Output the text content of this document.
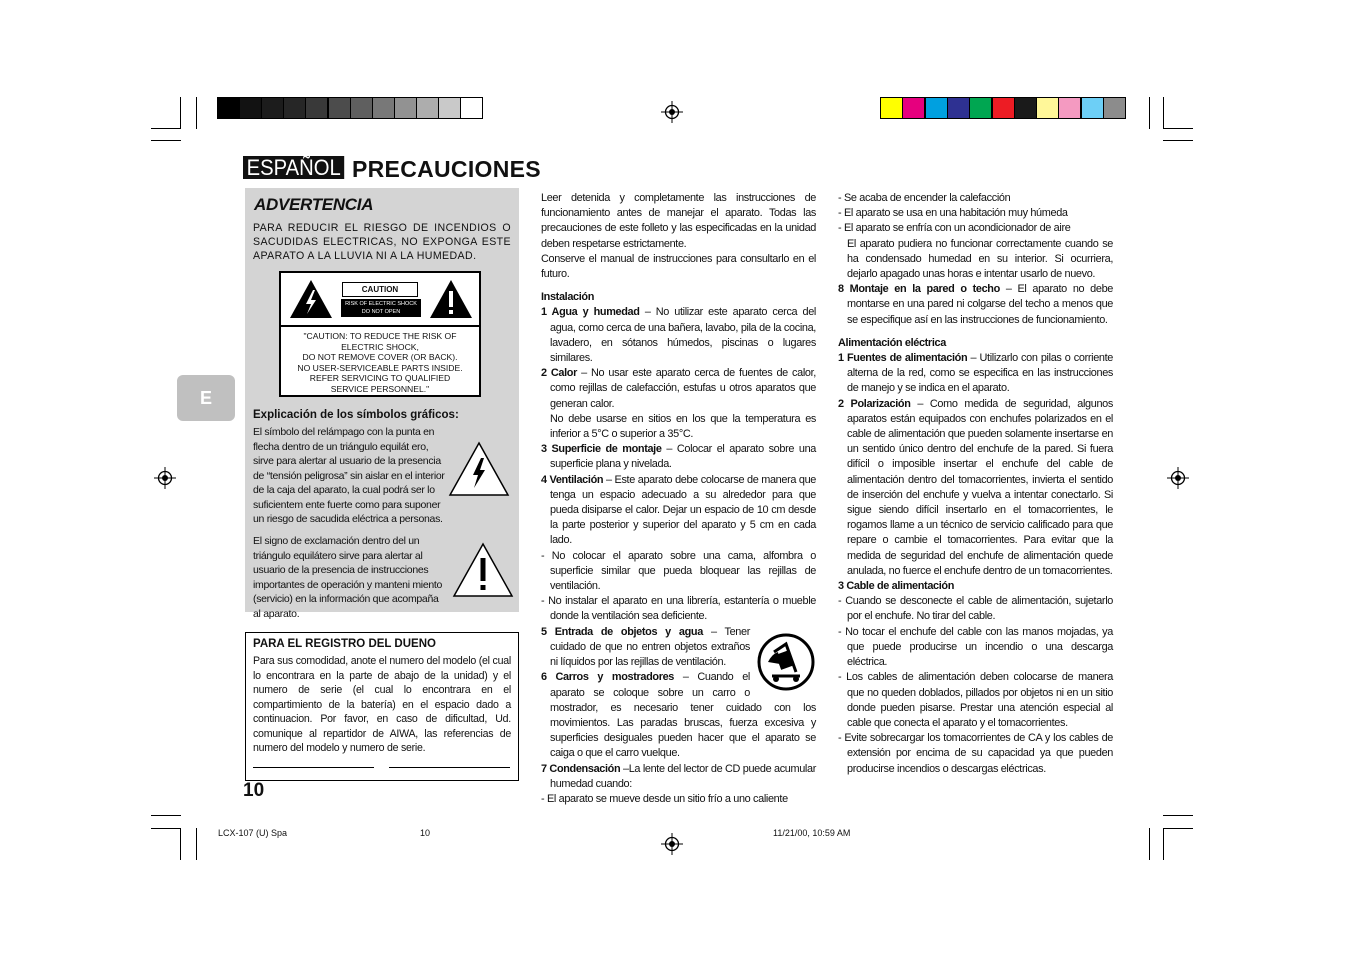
ESPAÑOL PRECAUCIONES
E
ADVERTENCIA
PARA REDUCIR EL RIESGO DE INCENDIOS O SACUDIDAS ELECTRICAS, NO EXPONGA ESTE APARATO A LA LLUVIA NI A LA HUMEDAD.
CAUTION
RISK OF ELECTRIC SHOCK
DO NOT OPEN
"CAUTION: TO REDUCE THE RISK OF
ELECTRIC SHOCK,
DO NOT REMOVE COVER (OR BACK).
NO USER-SERVICEABLE PARTS INSIDE.
REFER SERVICING TO QUALIFIED
SERVICE PERSONNEL."
Explicación de los símbolos gráficos:
El símbolo del relámpago con la punta en flecha dentro de un triángulo equilát ero, sirve para alertar al usuario de la presencia de “tensión peligrosa” sin aislar en el interior de la caja del aparato, la cual podrá ser lo suficientem ente fuerte como para suponer un riesgo de sacudida eléctrica a personas.
El signo de exclamación dentro del un triángulo equilátero sirve para alertar al usuario de la presencia de instrucciones importantes de operación y manteni miento (servicio) en la información que acompaña al aparato.
PARA EL REGISTRO DEL DUENO
Para sus comodidad, anote el numero del modelo (el cual lo encontrara en la parte de abajo de la unidad) y el numero de serie (el cual lo encontrara en el compartimiento de la batería) en el espacio dado a continuacion. Por favor, en caso de dificultad, Ud. comunique al repartidor de AIWA, las referencias de numero del modelo y numero de serie.
10

Leer detenida y completamente las instrucciones de funcionamiento antes de manejar el aparato. Todas las precauciones de este folleto y las especificadas en la unidad deben respetarse estrictamente.

Conserve el manual de instrucciones para consultarlo en el futuro.

Instalación

1 Agua y humedad – No utilizar este aparato cerca del agua, como cerca de una bañera, lavabo, pila de la cocina, lavadero, en sótanos húmedos, piscinas o lugares similares.

2 Calor – No usar este aparato cerca de fuentes de calor, como rejillas de calefacción, estufas u otros aparatos que generan calor.

No debe usarse en sitios en los que la temperatura es inferior a 5°C o superior a 35°C.

3 Superficie de montaje – Colocar el aparato sobre una superficie plana y nivelada.

4 Ventilación – Este aparato debe colocarse de manera que tenga un espacio adecuado a su alrededor para que pueda disiparse el calor. Dejar un espacio de 10 cm desde la parte posterior y superior del aparato y 5 cm en cada lado.

- No colocar el aparato sobre una cama, alfombra o superficie similar que pueda bloquear las rejillas de ventilación.

- No instalar el aparato en una librería, estantería o mueble donde la ventilación sea deficiente.

5 Entrada de objetos y agua – Tener cuidado de que no entren objetos extraños ni líquidos por las rejillas de ventilación.

6 Carros y mostradores – Cuando el aparato se coloque sobre un carro o mostrador, es necesario tener cuidado con los movimientos. Las paradas bruscas, fuerza excesiva y superficies desiguales pueden hacer que el aparato se caiga o que el carro vuelque.

7 Condensación –La lente del lector de CD puede acumular humedad cuando:

- El aparato se mueve desde un sitio frío a uno caliente

- Se acaba de encender la calefacción

- El aparato se usa en una habitación muy húmeda

- El aparato se enfría con un acondicionador de aire

El aparato pudiera no funcionar correctamente cuando se ha condensado humedad en su interior. Si ocurriera, dejarlo apagado unas horas e intentar usarlo de nuevo.

8 Montaje en la pared o techo – El aparato no debe montarse en una pared ni colgarse del techo a menos que se especifique así en las instrucciones de funcionamiento.

Alimentación eléctrica

1 Fuentes de alimentación – Utilizarlo con pilas o corriente alterna de la red, como se especifica en las instrucciones de manejo y se indica en el aparato.

2 Polarización – Como medida de seguridad, algunos aparatos están equipados con enchufes polarizados en el cable de alimentación que pueden solamente insertarse en un sentido único dentro del enchufe de la pared. Si fuera difícil o imposible insertar el enchufe del cable de alimentación dentro del tomacorrientes, invierta el sentido de inserción del enchufe y vuelva a intentar conectarlo. Si sigue siendo difícil insertarlo en el tomacorrientes, le rogamos llame a un técnico de servicio calificado para que repare o cambie el tomacorrientes. Para evitar que la medida de seguridad del enchufe de alimentación quede anulada, no fuerce el enchufe dentro de un tomacorrientes.

3 Cable de alimentación

- Cuando se desconecte el cable de alimentación, sujetarlo por el enchufe. No tirar del cable.

- No tocar el enchufe del cable con las manos mojadas, ya que puede producirse un incendio o una descarga eléctrica.

- Los cables de alimentación deben colocarse de manera que no queden doblados, pillados por objetos ni en un sitio donde pueden pisarse. Prestar una atención especial al cable que conecta el aparato y el tomacorrientes.

- Evite sobrecargar los tomacorrientes de CA y los cables de extensión por encima de su capacidad ya que pueden producirse incendios o descargas eléctricas.

LCX-107 (U) Spa	10	11/21/00, 10:59 AM
